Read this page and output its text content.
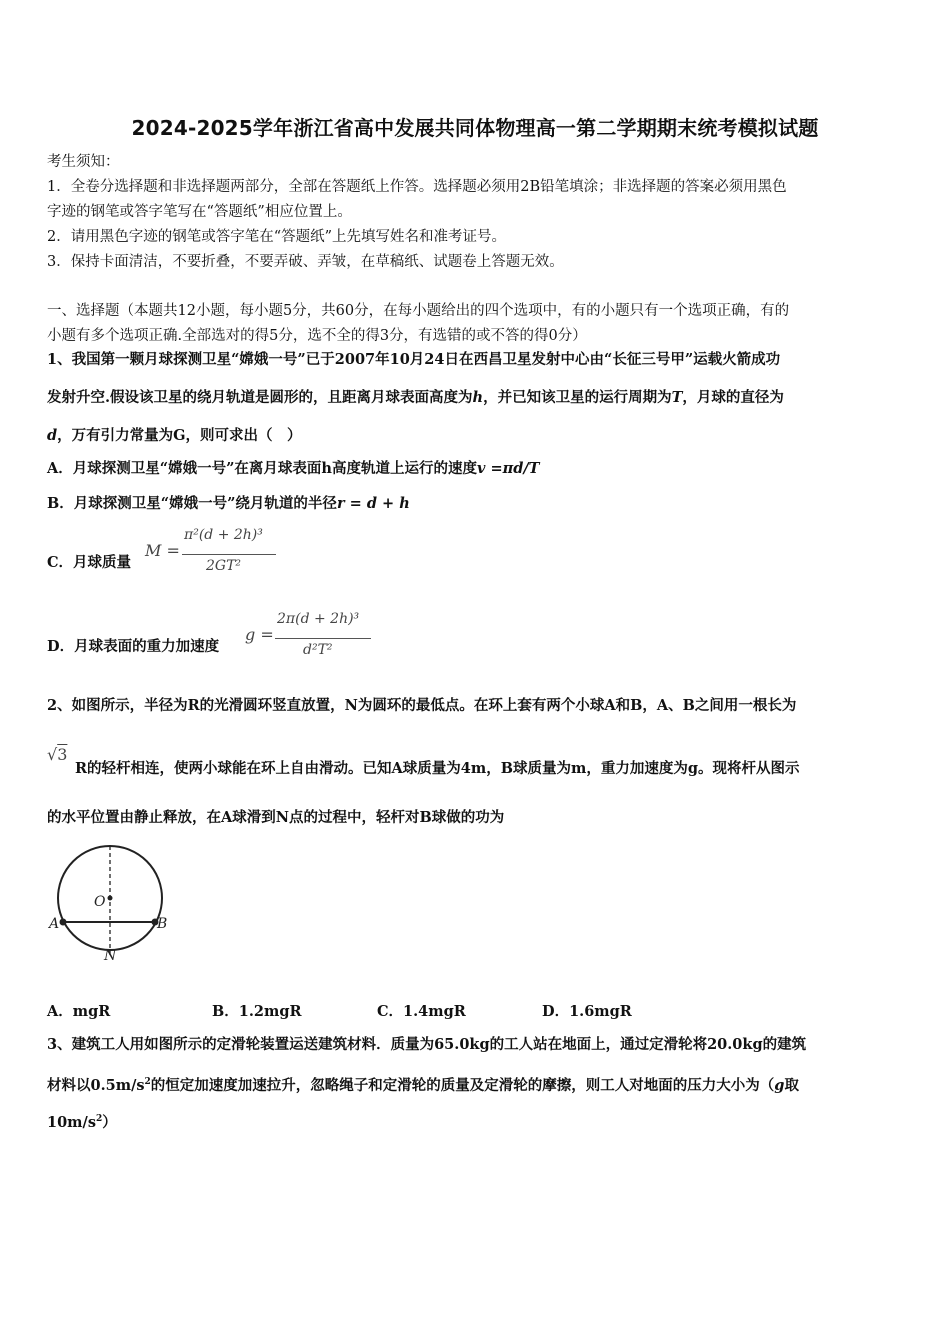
2024-2025学年浙江省高中发展共同体物理高一第二学期期末统考模拟试题
考生须知：
1．全卷分选择题和非选择题两部分，全部在答题纸上作答。选择题必须用2B铅笔填涂；非选择题的答案必须用黑色
字迹的钢笔或答字笔写在“答题纸”相应位置上。
2．请用黑色字迹的钢笔或答字笔在“答题纸”上先填写姓名和准考证号。
3．保持卡面清洁，不要折叠，不要弄破、弄皱，在草稿纸、试题卷上答题无效。
一、选择题（本题共12小题，每小题5分，共60分，在每小题给出的四个选项中，有的小题只有一个选项正确，有的
小题有多个选项正确.全部选对的得5分，选不全的得3分，有选错的或不答的得0分）
1、我国第一颗月球探测卫星“嫦娥一号”已于2007年10月24日在西昌卫星发射中心由“长征三号甲”运载火箭成功
发射升空.假设该卫星的绕月轨道是圆形的，且距离月球表面高度为h，并已知该卫星的运行周期为T，月球的直径为
d，万有引力常量为G，则可求出（　）
A．月球探测卫星“嫦娥一号”在离月球表面h高度轨道上运行的速度v =πd/T
B．月球探测卫星“嫦娥一号”绕月轨道的半径r = d + h
C．月球质量
M =
π²(d + 2h)³
2GT²
D．月球表面的重力加速度
g =
2π(d + 2h)³
d²T²
2、如图所示，半径为R的光滑圆环竖直放置，N为圆环的最低点。在环上套有两个小球A和B，A、B之间用一根长为
√3
R的轻杆相连，使两小球能在环上自由滑动。已知A球质量为4m，B球质量为m，重力加速度为g。现将杆从图示
的水平位置由静止释放，在A球滑到N点的过程中，轻杆对B球做的功为
O
A	B
N
A．mgR	B．1.2mgR	C．1.4mgR	D．1.6mgR
3、建筑工人用如图所示的定滑轮装置运送建筑材料．质量为65.0kg的工人站在地面上，通过定滑轮将20.0kg的建筑
材料以$0.5m/s^2$的恒定加速度加速拉升，忽略绳子和定滑轮的质量及定滑轮的摩擦，则工人对地面的压力大小为（g取
$10m/s^2$）
